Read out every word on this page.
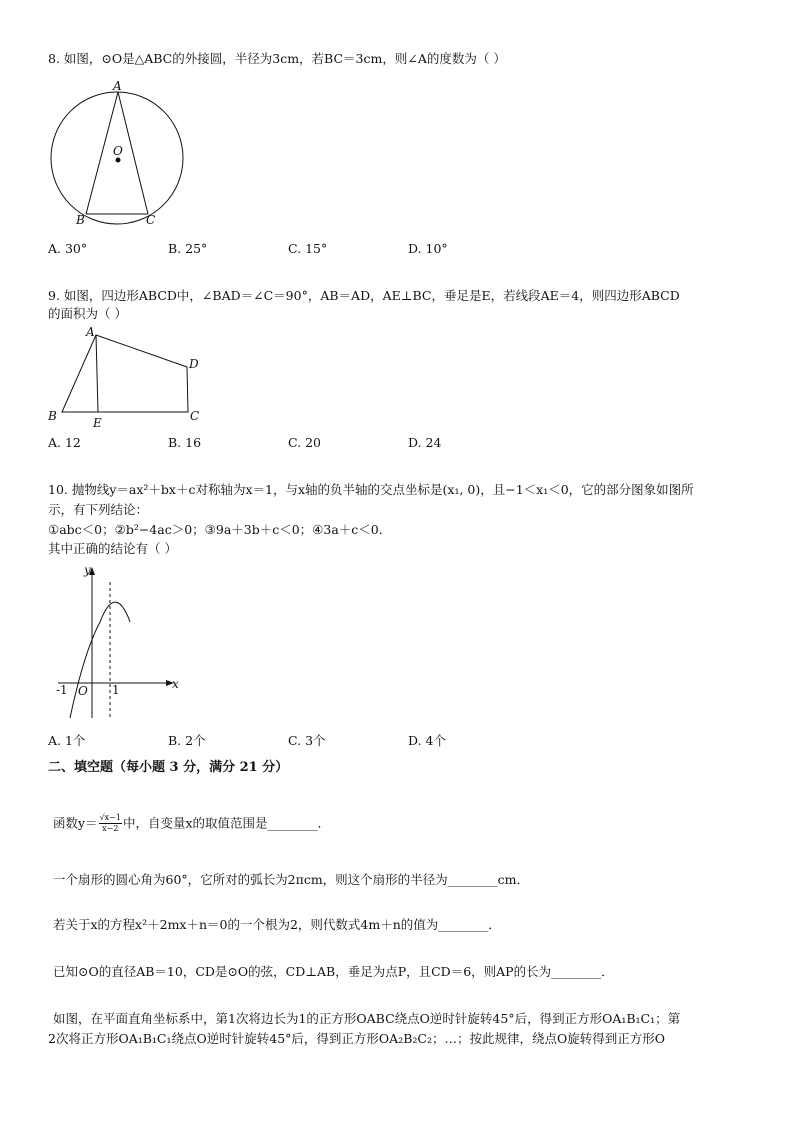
8. 如图，⊙O是△ABC的外接圆，半径为3cm，若BC＝3cm，则∠A的度数为（ ）
A
O
B	C
A. 30°	B. 25°	C. 15°	D. 10°
9. 如图，四边形ABCD中，∠BAD＝∠C＝90°，AB＝AD，AE⊥BC，垂足是E，若线段AE＝4，则四边形ABCD
的面积为（ ）
A
B	E	C
D
A. 12	B. 16	C. 20	D. 24
10. 抛物线y＝ax²＋bx＋c对称轴为x＝1，与x轴的负半轴的交点坐标是(x₁, 0)，且−1＜x₁＜0，它的部分图象如图所
示，有下列结论：
①abc＜0；②b²−4ac＞0；③9a＋3b＋c＜0；④3a＋c＜0．
其中正确的结论有（ ）
y
x
O
-1	1
A. 1个	B. 2个	C. 3个	D. 4个
二、填空题（每小题 3 分，满分 21 分）
函数$y= \frac{√x-1}{x-2}$ 中，自变量x的取值范围是________．
一个扇形的圆心角为60°，它所对的弧长为2πcm，则这个扇形的半径为________cm．
若关于x的方程x²＋2mx＋n＝0的一个根为2，则代数式4m＋n的值为________．
已知⊙O的直径AB＝10，CD是⊙O的弦，CD⊥AB，垂足为点P，且CD＝6，则AP的长为________．
如图，在平面直角坐标系中，第1次将边长为1的正方形OABC绕点O逆时针旋转45°后，得到正方形OA₁B₁C₁；第
2次将正方形OA₁B₁C₁绕点O逆时针旋转45°后，得到正方形OA₂B₂C₂；…；按此规律，绕点O旋转得到正方形O
